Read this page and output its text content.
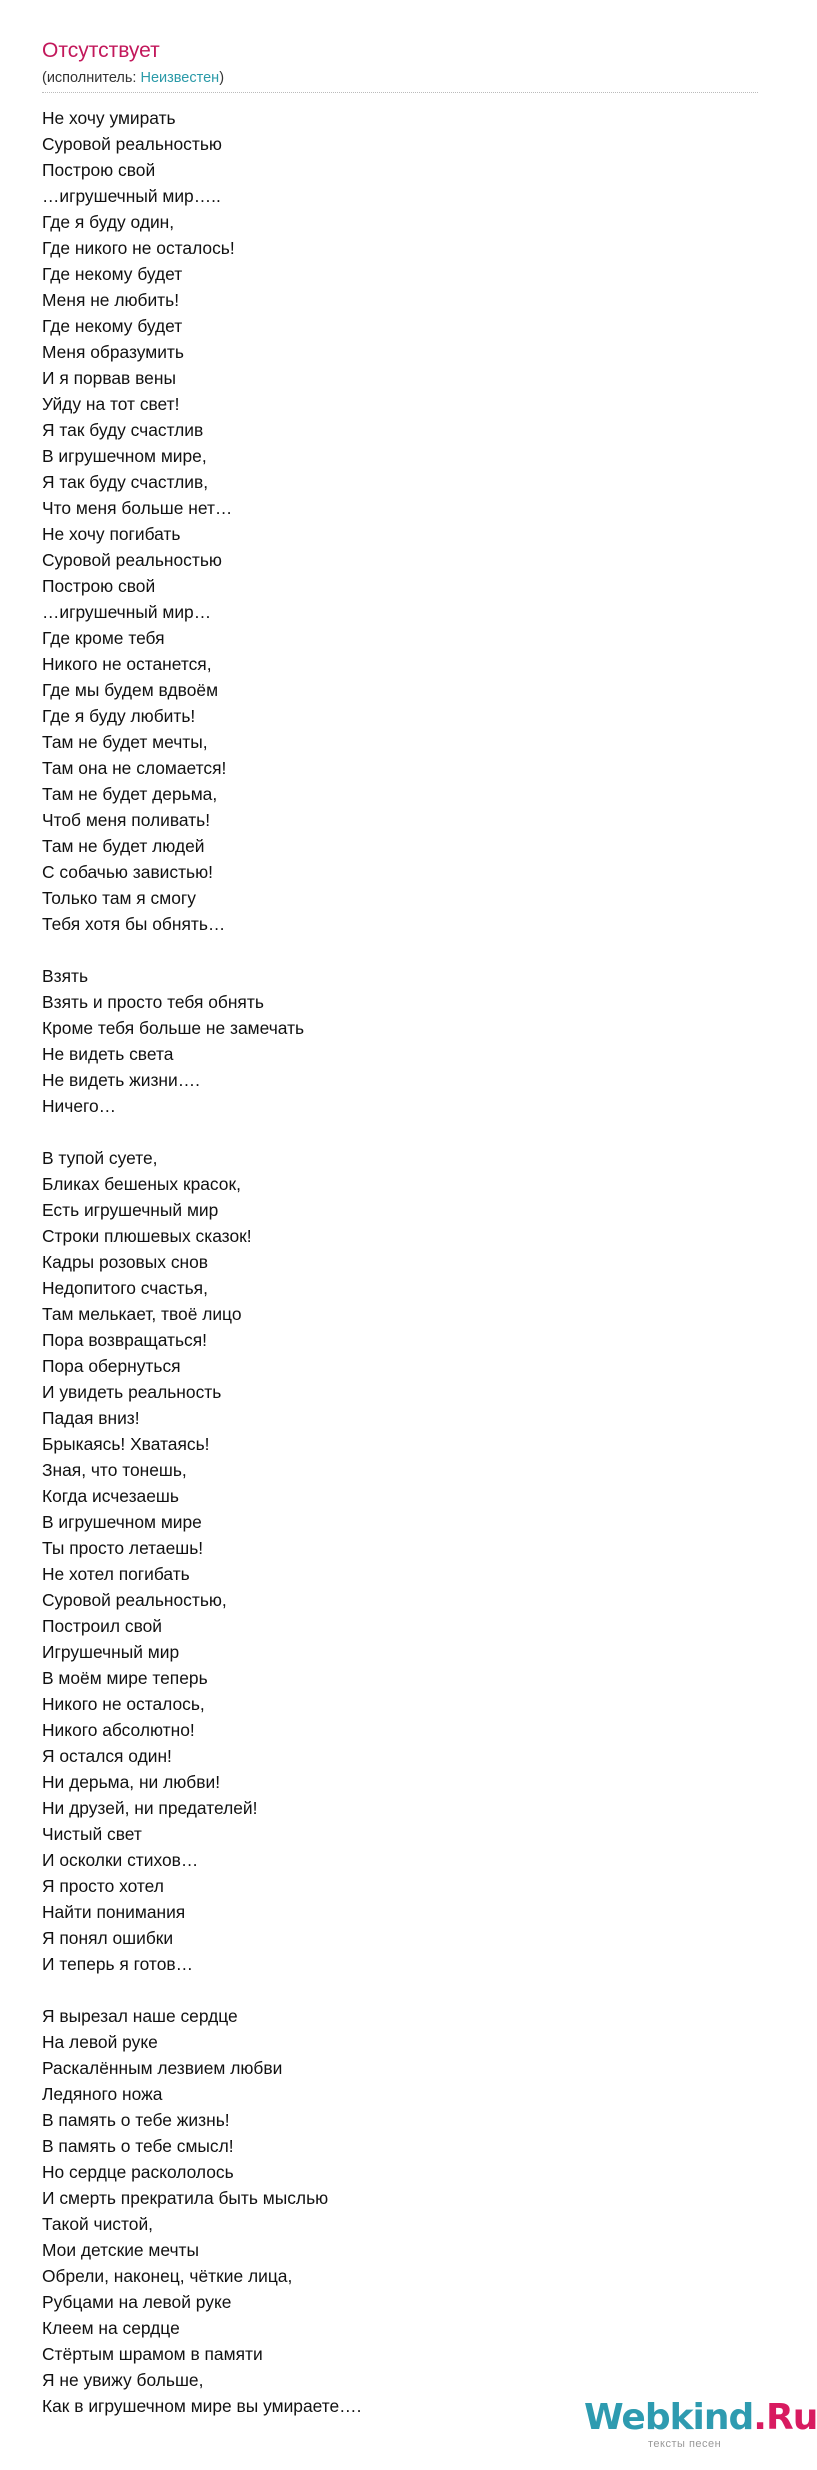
Отсутствует
(исполнитель: Неизвестен)
Не хочу умирать
Суровой реальностью
Построю свой
…игрушечный мир…..
Где я буду один,
Где никого не осталось!
Где некому будет
Меня не любить!
Где некому будет
Меня образумить
И я порвав вены
Уйду на тот свет!
Я так буду счастлив
В игрушечном мире,
Я так буду счастлив,
Что меня больше нет…
Не хочу погибать
Суровой реальностью
Построю свой
…игрушечный мир…
Где кроме тебя
Никого не останется,
Где мы будем вдвоём
Где я буду любить!
Там не будет мечты,
Там она не сломается!
Там не будет дерьма,
Чтоб меня поливать!
Там не будет людей
С собачью завистью!
Только там я смогу
Тебя хотя бы обнять…
Взять
Взять и просто тебя обнять
Кроме тебя больше не замечать
Не видеть света
Не видеть жизни….
Ничего…
В тупой суете,
Бликах бешеных красок,
Есть игрушечный мир
Строки плюшевых сказок!
Кадры розовых снов
Недопитого счастья,
Там мелькает, твоё лицо
Пора возвращаться!
Пора обернуться
И увидеть реальность
Падая вниз!
Брыкаясь! Хватаясь!
Зная, что тонешь,
Когда исчезаешь
В игрушечном мире
Ты просто летаешь!
Не хотел погибать
Суровой реальностью,
Построил свой
Игрушечный мир
В моём мире теперь
Никого не осталось,
Никого абсолютно!
Я остался один!
Ни дерьма, ни любви!
Ни друзей, ни предателей!
Чистый свет
И осколки стихов…
Я просто хотел
Найти понимания
Я понял ошибки
И теперь я готов…
Я вырезал наше сердце
На левой руке
Раскалённым лезвием любви
Ледяного ножа
В память о тебе жизнь!
В память о тебе смысл!
Но сердце раскололось
И смерть прекратила быть мыслью
Такой чистой,
Мои детские мечты
Обрели, наконец, чёткие лица,
Рубцами на левой руке
Клеем на сердце
Стёртым шрамом в памяти
Я не увижу больше,
Как в игрушечном мире вы умираете….	Webkind.Ru
тексты песен
